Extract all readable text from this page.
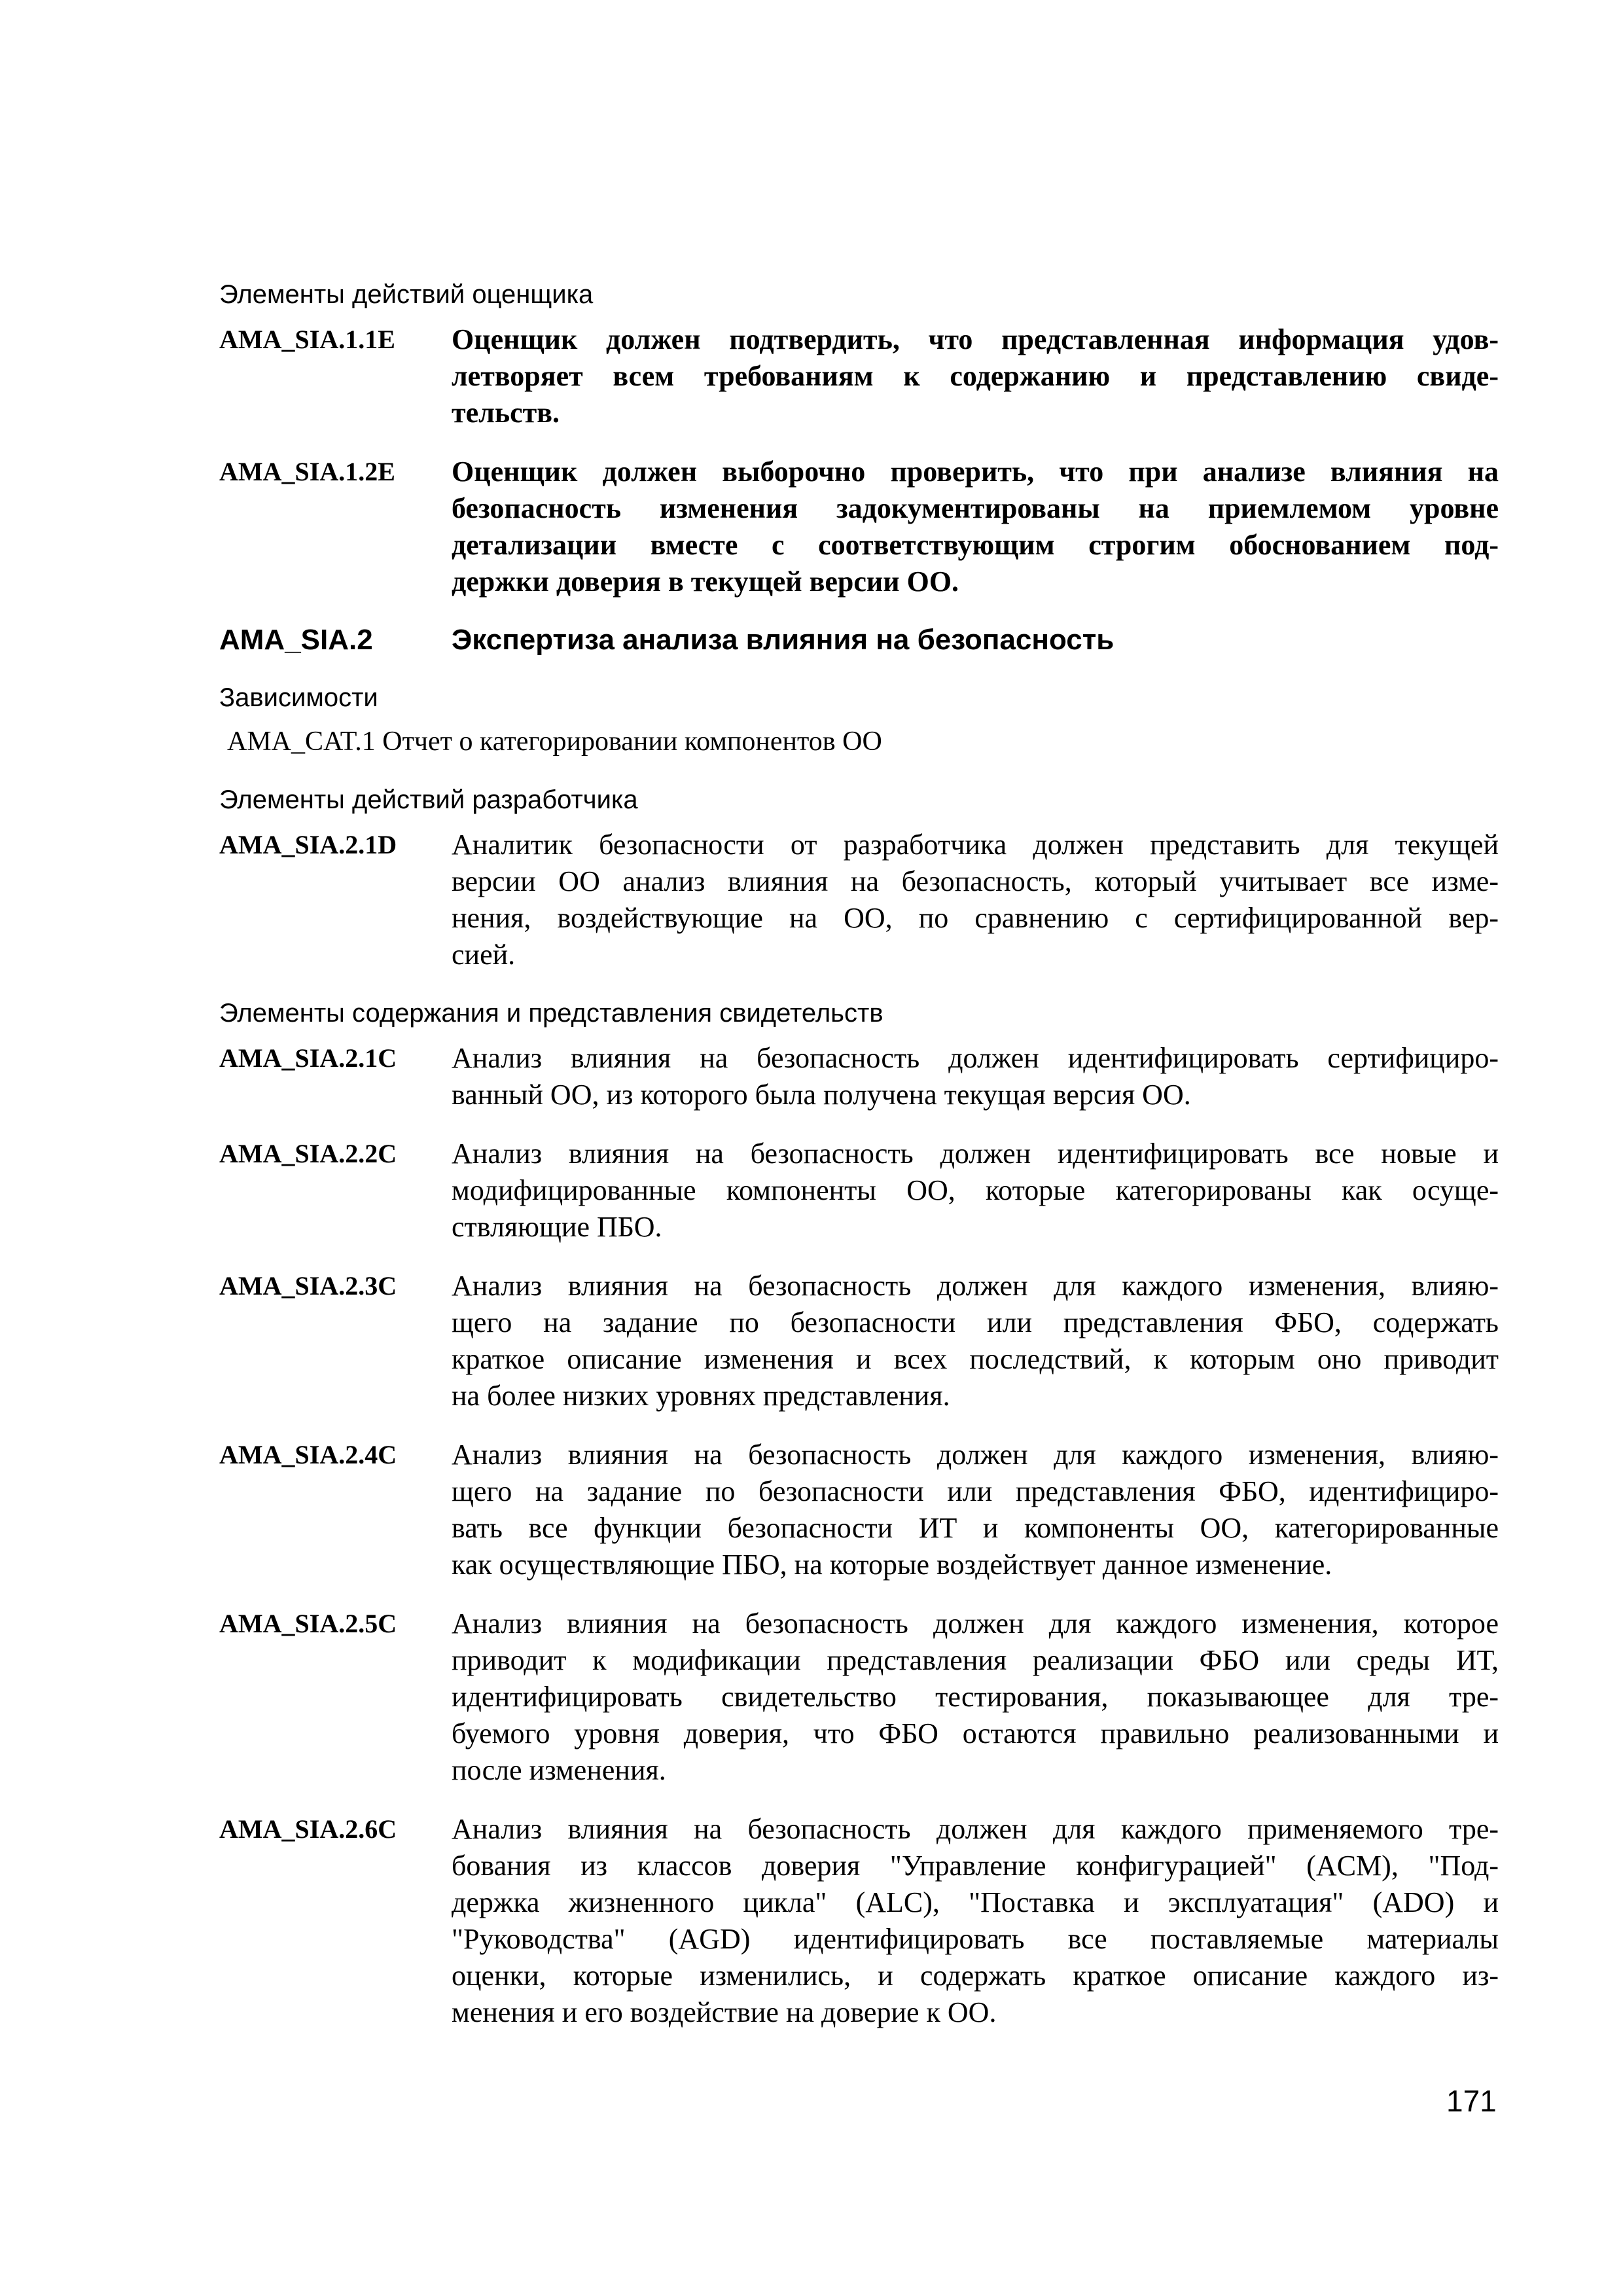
Элементы действий оценщика
AMA_SIA.1.1E	Оценщик должен подтвердить, что представленная информация удов-
летворяет всем требованиям к содержанию и представлению свиде-
тельств.
AMA_SIA.1.2E	Оценщик должен выборочно проверить, что при анализе влияния на
безопасность изменения задокументированы на приемлемом уровне
детализации вместе с соответствующим строгим обоснованием под-
держки доверия в текущей версии ОО.
AMA_SIA.2	Экспертиза анализа влияния на безопасность
Зависимости

AMA_CAT.1 Отчет о категорировании компонентов ОО

Элементы действий разработчика
AMA_SIA.2.1D	Аналитик безопасности от разработчика должен представить для текущей
версии ОО анализ влияния на безопасность, который учитывает все изме-
нения, воздействующие на ОО, по сравнению с сертифицированной вер-
сией.
Элементы содержания и представления свидетельств
AMA_SIA.2.1C	Анализ влияния на безопасность должен идентифицировать сертифициро-
ванный ОО, из которого была получена текущая версия ОО.
AMA_SIA.2.2C	Анализ влияния на безопасность должен идентифицировать все новые и
модифицированные компоненты ОО, которые категорированы как осуще-
ствляющие ПБО.
AMA_SIA.2.3C	Анализ влияния на безопасность должен для каждого изменения, влияю-
щего на задание по безопасности или представления ФБО, содержать
краткое описание изменения и всех последствий, к которым оно приводит
на более низких уровнях представления.
AMA_SIA.2.4C	Анализ влияния на безопасность должен для каждого изменения, влияю-
щего на задание по безопасности или представления ФБО, идентифициро-
вать все функции безопасности ИТ и компоненты ОО, категорированные
как осуществляющие ПБО, на которые воздействует данное изменение.
AMA_SIA.2.5C	Анализ влияния на безопасность должен для каждого изменения, которое
приводит к модификации представления реализации ФБО или среды ИТ,
идентифицировать свидетельство тестирования, показывающее для тре-
буемого уровня доверия, что ФБО остаются правильно реализованными и
после изменения.
AMA_SIA.2.6C	Анализ влияния на безопасность должен для каждого применяемого тре-
бования из классов доверия "Управление конфигурацией" (ACM), "Под-
держка жизненного цикла" (ALC), "Поставка и эксплуатация" (ADO) и
"Руководства" (AGD) идентифицировать все поставляемые материалы
оценки, которые изменились, и содержать краткое описание каждого из-
менения и его воздействие на доверие к ОО.
171
